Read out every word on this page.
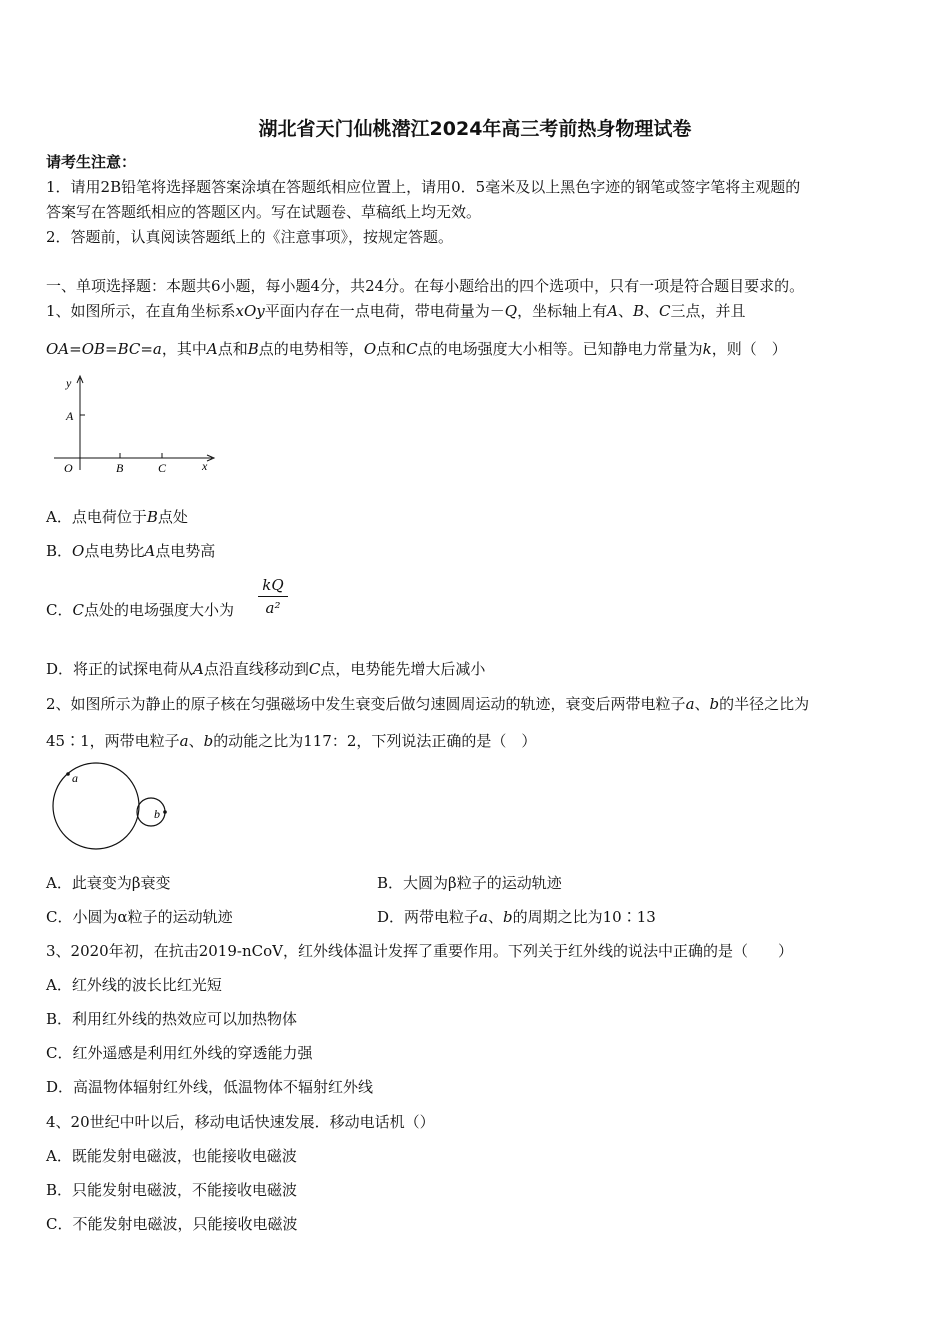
湖北省天门仙桃潜江2024年高三考前热身物理试卷
请考生注意：
1．请用2B铅笔将选择题答案涂填在答题纸相应位置上，请用0．5毫米及以上黑色字迹的钢笔或签字笔将主观题的
答案写在答题纸相应的答题区内。写在试题卷、草稿纸上均无效。
2．答题前，认真阅读答题纸上的《注意事项》，按规定答题。
一、单项选择题：本题共6小题，每小题4分，共24分。在每小题给出的四个选项中，只有一项是符合题目要求的。
1、如图所示，在直角坐标系xOy平面内存在一点电荷，带电荷量为－Q，坐标轴上有A、B、C三点，并且
OA=OB=BC=a，其中A点和B点的电势相等，O点和C点的电场强度大小相等。已知静电力常量为k，则（　）
y
A
O	B	C	x
A．点电荷位于B点处
B．O点电势比A点电势高
C．C点处的电场强度大小为 $\frac{kQ}{\text{a²}}$
D．将正的试探电荷从A点沿直线移动到C点，电势能先增大后减小
2、如图所示为静止的原子核在匀强磁场中发生衰变后做匀速圆周运动的轨迹，衰变后两带电粒子a、b的半径之比为
45∶1，两带电粒子a、b的动能之比为117：2，下列说法正确的是（　）
a
b
A．此衰变为β衰变	B．大圆为β粒子的运动轨迹
C．小圆为α粒子的运动轨迹	D．两带电粒子a、b的周期之比为10∶13
3、2020年初，在抗击2019-nCoV，红外线体温计发挥了重要作用。下列关于红外线的说法中正确的是（　　）
A．红外线的波长比红光短
B．利用红外线的热效应可以加热物体
C．红外遥感是利用红外线的穿透能力强
D．高温物体辐射红外线，低温物体不辐射红外线
4、20世纪中叶以后，移动电话快速发展．移动电话机（）
A．既能发射电磁波，也能接收电磁波
B．只能发射电磁波，不能接收电磁波
C．不能发射电磁波，只能接收电磁波
